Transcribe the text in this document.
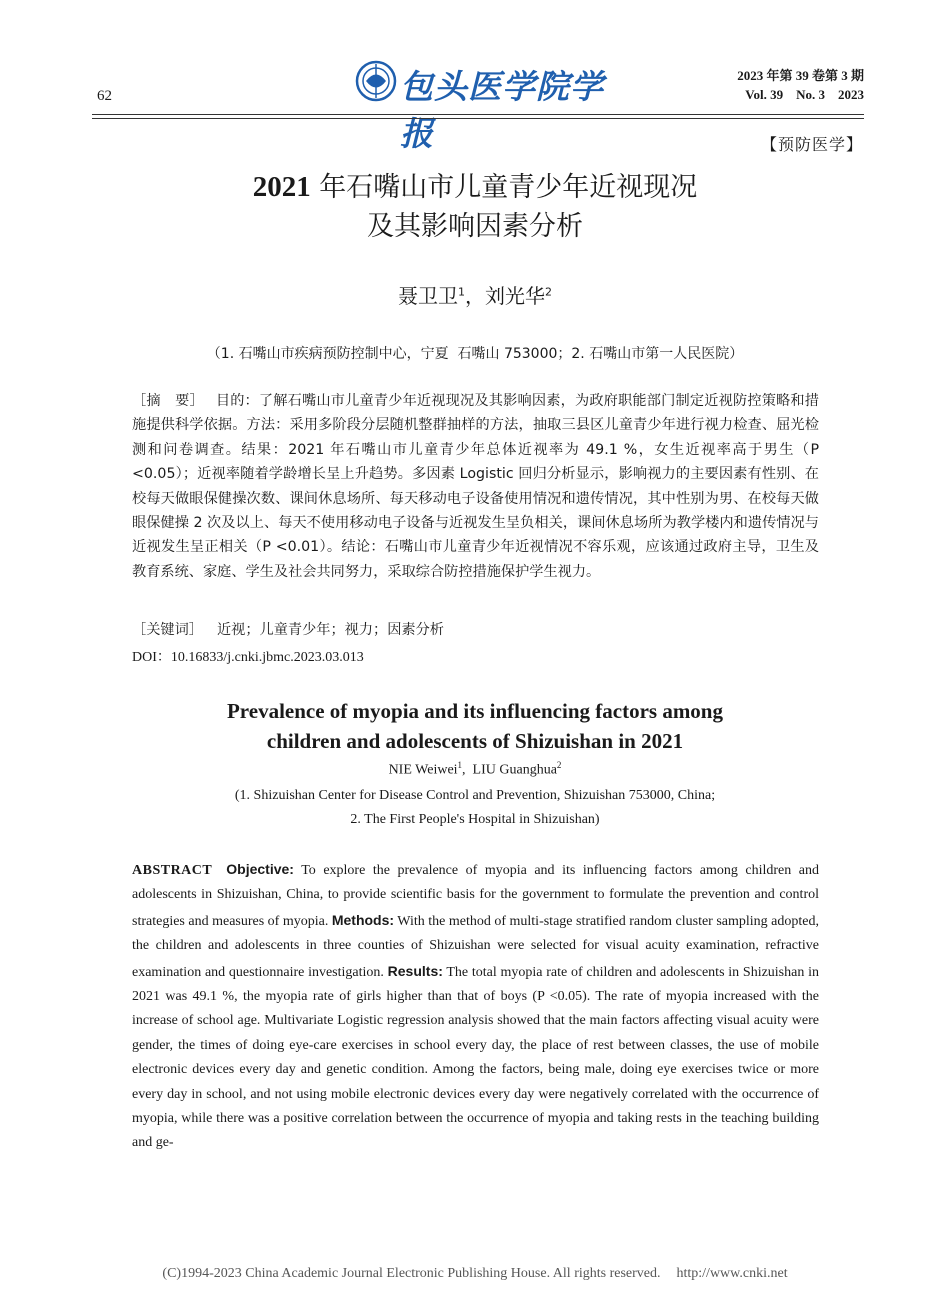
62	包头医学院学报
2023 年第 39 卷第 3 期
Vol. 39    No. 3    2023
【预防医学】
2021 年石嘴山市儿童青少年近视现况
及其影响因素分析
聂卫卫$^1$，刘光华$^2$
（1. 石嘴山市疾病预防控制中心，宁夏  石嘴山 753000；2. 石嘴山市第一人民医院）
［摘　要］ 目的：了解石嘴山市儿童青少年近视现况及其影响因素，为政府职能部门制定近视防控策略和措施提供科学依据。方法：采用多阶段分层随机整群抽样的方法，抽取三县区儿童青少年进行视力检查、屈光检测和问卷调查。结果：2021 年石嘴山市儿童青少年总体近视率为 49.1 %，女生近视率高于男生（P <0.05）；近视率随着学龄增长呈上升趋势。多因素 Logistic 回归分析显示，影响视力的主要因素有性别、在校每天做眼保健操次数、课间休息场所、每天移动电子设备使用情况和遗传情况，其中性别为男、在校每天做眼保健操 2 次及以上、每天不使用移动电子设备与近视发生呈负相关，课间休息场所为教学楼内和遗传情况与近视发生呈正相关（P <0.01）。结论：石嘴山市儿童青少年近视情况不容乐观，应该通过政府主导，卫生及教育系统、家庭、学生及社会共同努力，采取综合防控措施保护学生视力。
［关键词］ 近视；儿童青少年；视力；因素分析
DOI：10.16833/j.cnki.jbmc.2023.03.013
Prevalence of myopia and its influencing factors among
children and adolescents of Shizuishan in 2021
NIE Weiwei$^1$,  LIU Guanghua$^2$
(1. Shizuishan Center for Disease Control and Prevention, Shizuishan 753000, China;
2. The First People's Hospital in Shizuishan)
ABSTRACT Objective: To explore the prevalence of myopia and its influencing factors among children and adolescents in Shizuishan, China, to provide scientific basis for the government to formulate the prevention and control strategies and measures of myopia. Methods: With the method of multi-stage stratified random cluster sampling adopted, the children and adolescents in three counties of Shizuishan were selected for visual acuity examination, refractive examination and questionnaire investigation. Results: The total myopia rate of children and adolescents in Shizuishan in 2021 was 49.1 %, the myopia rate of girls higher than that of boys (P <0.05). The rate of myopia increased with the increase of school age. Multivariate Logistic regression analysis showed that the main factors affecting visual acuity were gender, the times of doing eye-care exercises in school every day, the place of rest between classes, the use of mobile electronic devices every day and genetic condition. Among the factors, being male, doing eye exercises twice or more every day in school, and not using mobile electronic devices every day were negatively correlated with the occurrence of myopia, while there was a positive correlation between the occurrence of myopia and taking rests in the teaching building and ge-
(C)1994-2023 China Academic Journal Electronic Publishing House. All rights reserved. http://www.cnki.net
